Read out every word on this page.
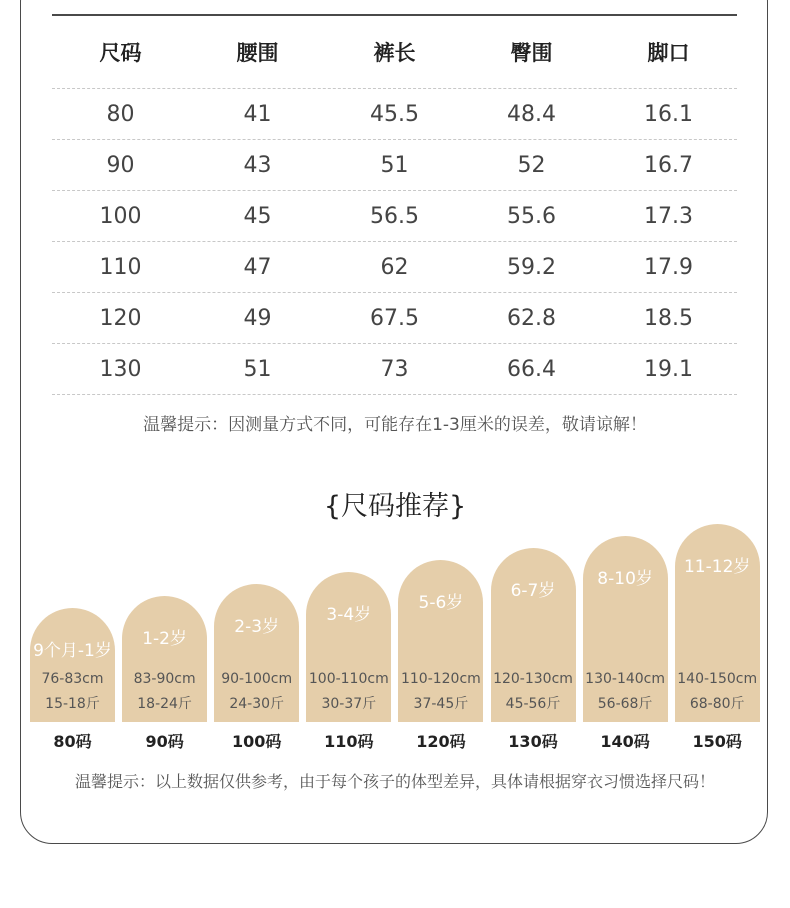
尺码	腰围	裤长	臀围	脚口
80	41	45.5	48.4	16.1
90	43	51	52	16.7
100	45	56.5	55.6	17.3
110	47	62	59.2	17.9
120	49	67.5	62.8	18.5
130	51	73	66.4	19.1
温馨提示：因测量方式不同，可能存在1-3厘米的误差，敬请谅解！
{尺码推荐}
9个月-1岁
76-83cm
15-18斤
80码
1-2岁
83-90cm
18-24斤
90码
2-3岁
90-100cm
24-30斤
100码
3-4岁
100-110cm
30-37斤
110码
5-6岁
110-120cm
37-45斤
120码
6-7岁
120-130cm
45-56斤
130码
8-10岁
130-140cm
56-68斤
140码
11-12岁
140-150cm
68-80斤
150码
温馨提示：以上数据仅供参考，由于每个孩子的体型差异，具体请根据穿衣习惯选择尺码！
